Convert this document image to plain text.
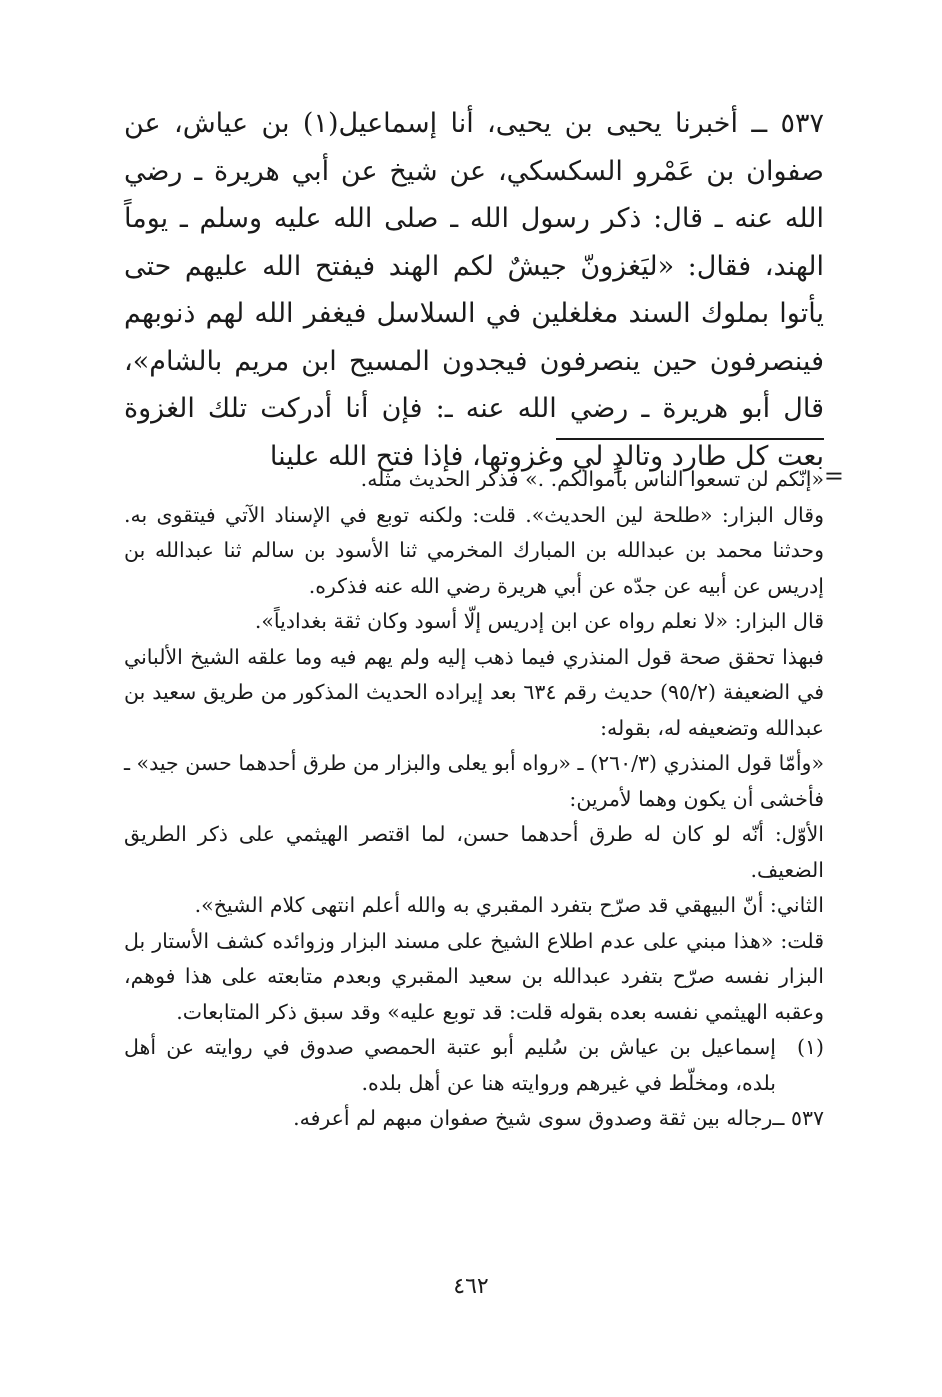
٥٣٧ ــ أخبرنا يحيى بن يحيى، أنا إسماعيل(١) بن عياش، عن صفوان بن عَمْرو السكسكي، عن شيخ عن أبي هريرة ـ رضي الله عنه ـ قال: ذكر رسول الله ـ صلى الله عليه وسلم ـ يوماً الهند، فقال: «ليَغزونّ جيشٌ لكم الهند فيفتح الله عليهم حتى يأتوا بملوك السند مغلغلين في السلاسل فيغفر الله لهم ذنوبهم فينصرفون حين ينصرفون فيجدون المسيح ابن مريم بالشام»، قال أبو هريرة ـ رضي الله عنه ـ: فإن أنا أدركت تلك الغزوة بعت كل طارد وتالدٍ لي وغزوتها، فإذا فتح الله علينا

=

«إنّكم لن تسعوا الناس بأموالكم. .» فذكر الحديث مثله.

وقال البزار: «طلحة لين الحديث». قلت: ولكنه توبع في الإسناد الآتي فيتقوى به. وحدثنا محمد بن عبدالله بن المبارك المخرمي ثنا الأسود بن سالم ثنا عبدالله بن إدريس عن أبيه عن جدّه عن أبي هريرة رضي الله عنه فذكره.

قال البزار: «لا نعلم رواه عن ابن إدريس إلّا أسود وكان ثقة بغدادياً».

فبهذا تحقق صحة قول المنذري فيما ذهب إليه ولم يهم فيه وما علقه الشيخ الألباني في الضعيفة (٩٥/٢) حديث رقم ٦٣٤ بعد إيراده الحديث المذكور من طريق سعيد بن عبدالله وتضعيفه له، بقوله:

«وأمّا قول المنذري (٢٦٠/٣) ـ «رواه أبو يعلى والبزار من طرق أحدهما حسن جيد» ـ فأخشى أن يكون وهما لأمرين:

الأوّل: أنّه لو كان له طرق أحدهما حسن، لما اقتصر الهيثمي على ذكر الطريق الضعيف.

الثاني: أنّ البيهقي قد صرّح بتفرد المقبري به والله أعلم انتهى كلام الشيخ».

قلت: «هذا مبني على عدم اطلاع الشيخ على مسند البزار وزوائده كشف الأستار بل البزار نفسه صرّح بتفرد عبدالله بن سعيد المقبري وبعدم متابعته على هذا فوهم، وعقبه الهيثمي نفسه بعده بقوله قلت: قد توبع عليه» وقد سبق ذكر المتابعات.

(١)
إسماعيل بن عياش بن سُليم أبو عتبة الحمصي صدوق في روايته عن أهل بلده، ومخلّط في غيرهم وروايته هنا عن أهل بلده.
٥٣٧ ــ
رجاله بين ثقة وصدوق سوى شيخ صفوان مبهم لم أعرفه.
٤٦٢
